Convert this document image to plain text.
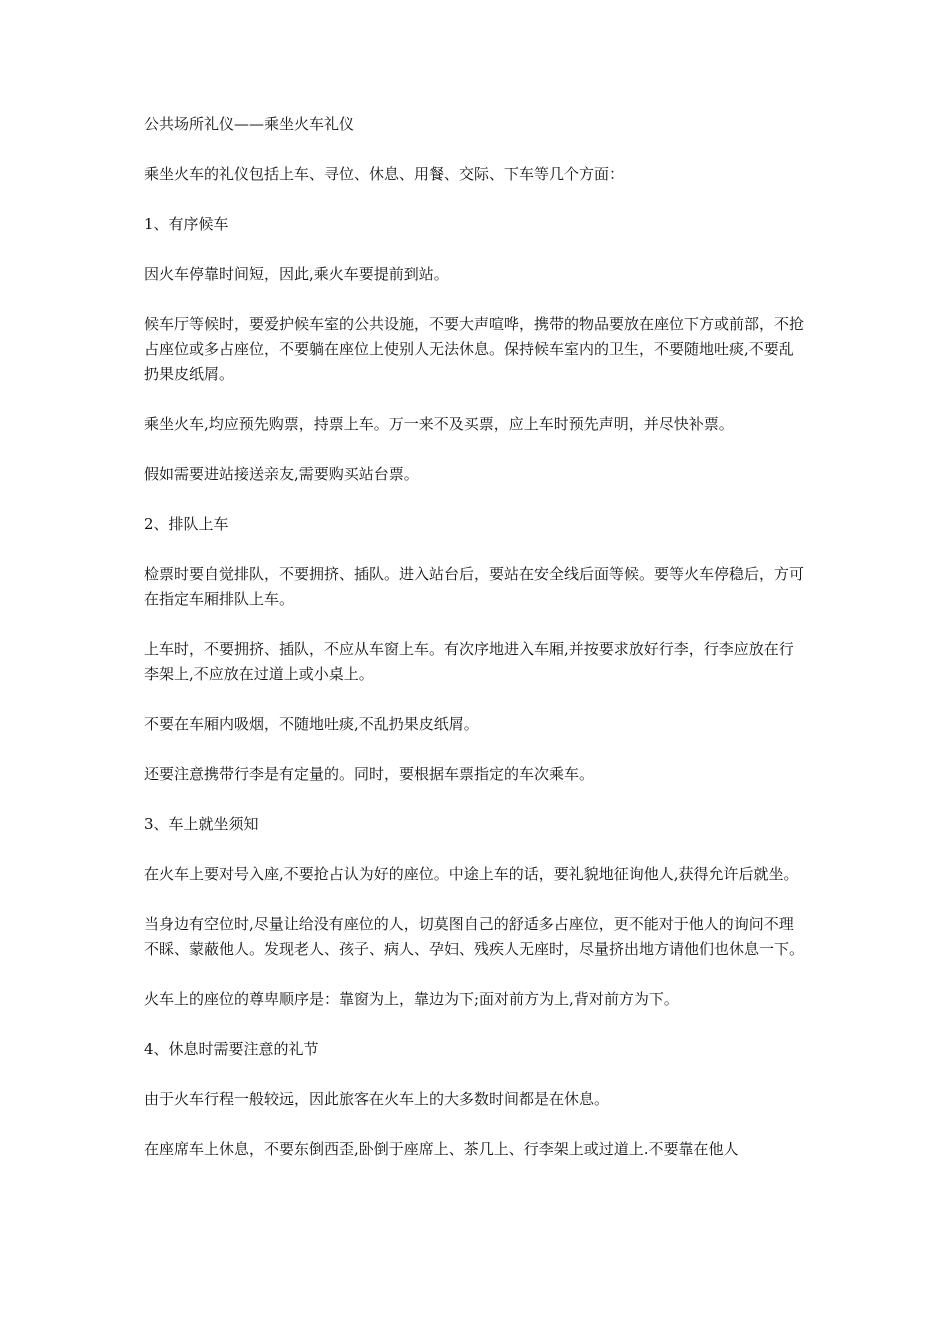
公共场所礼仪——乘坐火车礼仪

乘坐火车的礼仪包括上车、寻位、休息、用餐、交际、下车等几个方面：

1、有序候车

因火车停靠时间短，因此,乘火车要提前到站。

候车厅等候时，要爱护候车室的公共设施，不要大声喧哗，携带的物品要放在座位下方或前部，不抢占座位或多占座位，不要躺在座位上使别人无法休息。保持候车室内的卫生，不要随地吐痰,不要乱扔果皮纸屑。

乘坐火车,均应预先购票，持票上车。万一来不及买票，应上车时预先声明，并尽快补票。

假如需要进站接送亲友,需要购买站台票。

2、排队上车

检票时要自觉排队，不要拥挤、插队。进入站台后，要站在安全线后面等候。要等火车停稳后，方可在指定车厢排队上车。

上车时，不要拥挤、插队，不应从车窗上车。有次序地进入车厢,并按要求放好行李，行李应放在行李架上,不应放在过道上或小桌上。

不要在车厢内吸烟，不随地吐痰,不乱扔果皮纸屑。

还要注意携带行李是有定量的。同时，要根据车票指定的车次乘车。

3、车上就坐须知

在火车上要对号入座,不要抢占认为好的座位。中途上车的话，要礼貌地征询他人,获得允许后就坐。

当身边有空位时,尽量让给没有座位的人，切莫图自己的舒适多占座位，更不能对于他人的询问不理不睬、蒙蔽他人。发现老人、孩子、病人、孕妇、残疾人无座时，尽量挤出地方请他们也休息一下。

火车上的座位的尊卑顺序是：靠窗为上，靠边为下;面对前方为上,背对前方为下。

4、休息时需要注意的礼节

由于火车行程一般较远，因此旅客在火车上的大多数时间都是在休息。

在座席车上休息，不要东倒西歪,卧倒于座席上、茶几上、行李架上或过道上.不要靠在他人
